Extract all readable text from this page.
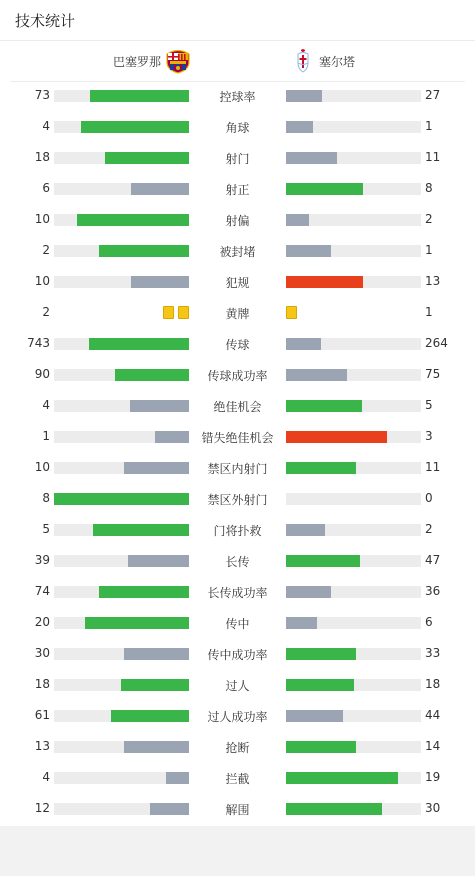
技术统计
巴塞罗那	塞尔塔
73	控球率	27
4	角球	1
18	射门	11
6	射正	8
10	射偏	2
2	被封堵	1
10	犯规	13
2	黄牌	1
743	传球	264
90	传球成功率	75
4	绝佳机会	5
1	错失绝佳机会	3
10	禁区内射门	11
8	禁区外射门	0
5	门将扑救	2
39	长传	47
74	长传成功率	36
20	传中	6
30	传中成功率	33
18	过人	18
61	过人成功率	44
13	抢断	14
4	拦截	19
12	解围	30
